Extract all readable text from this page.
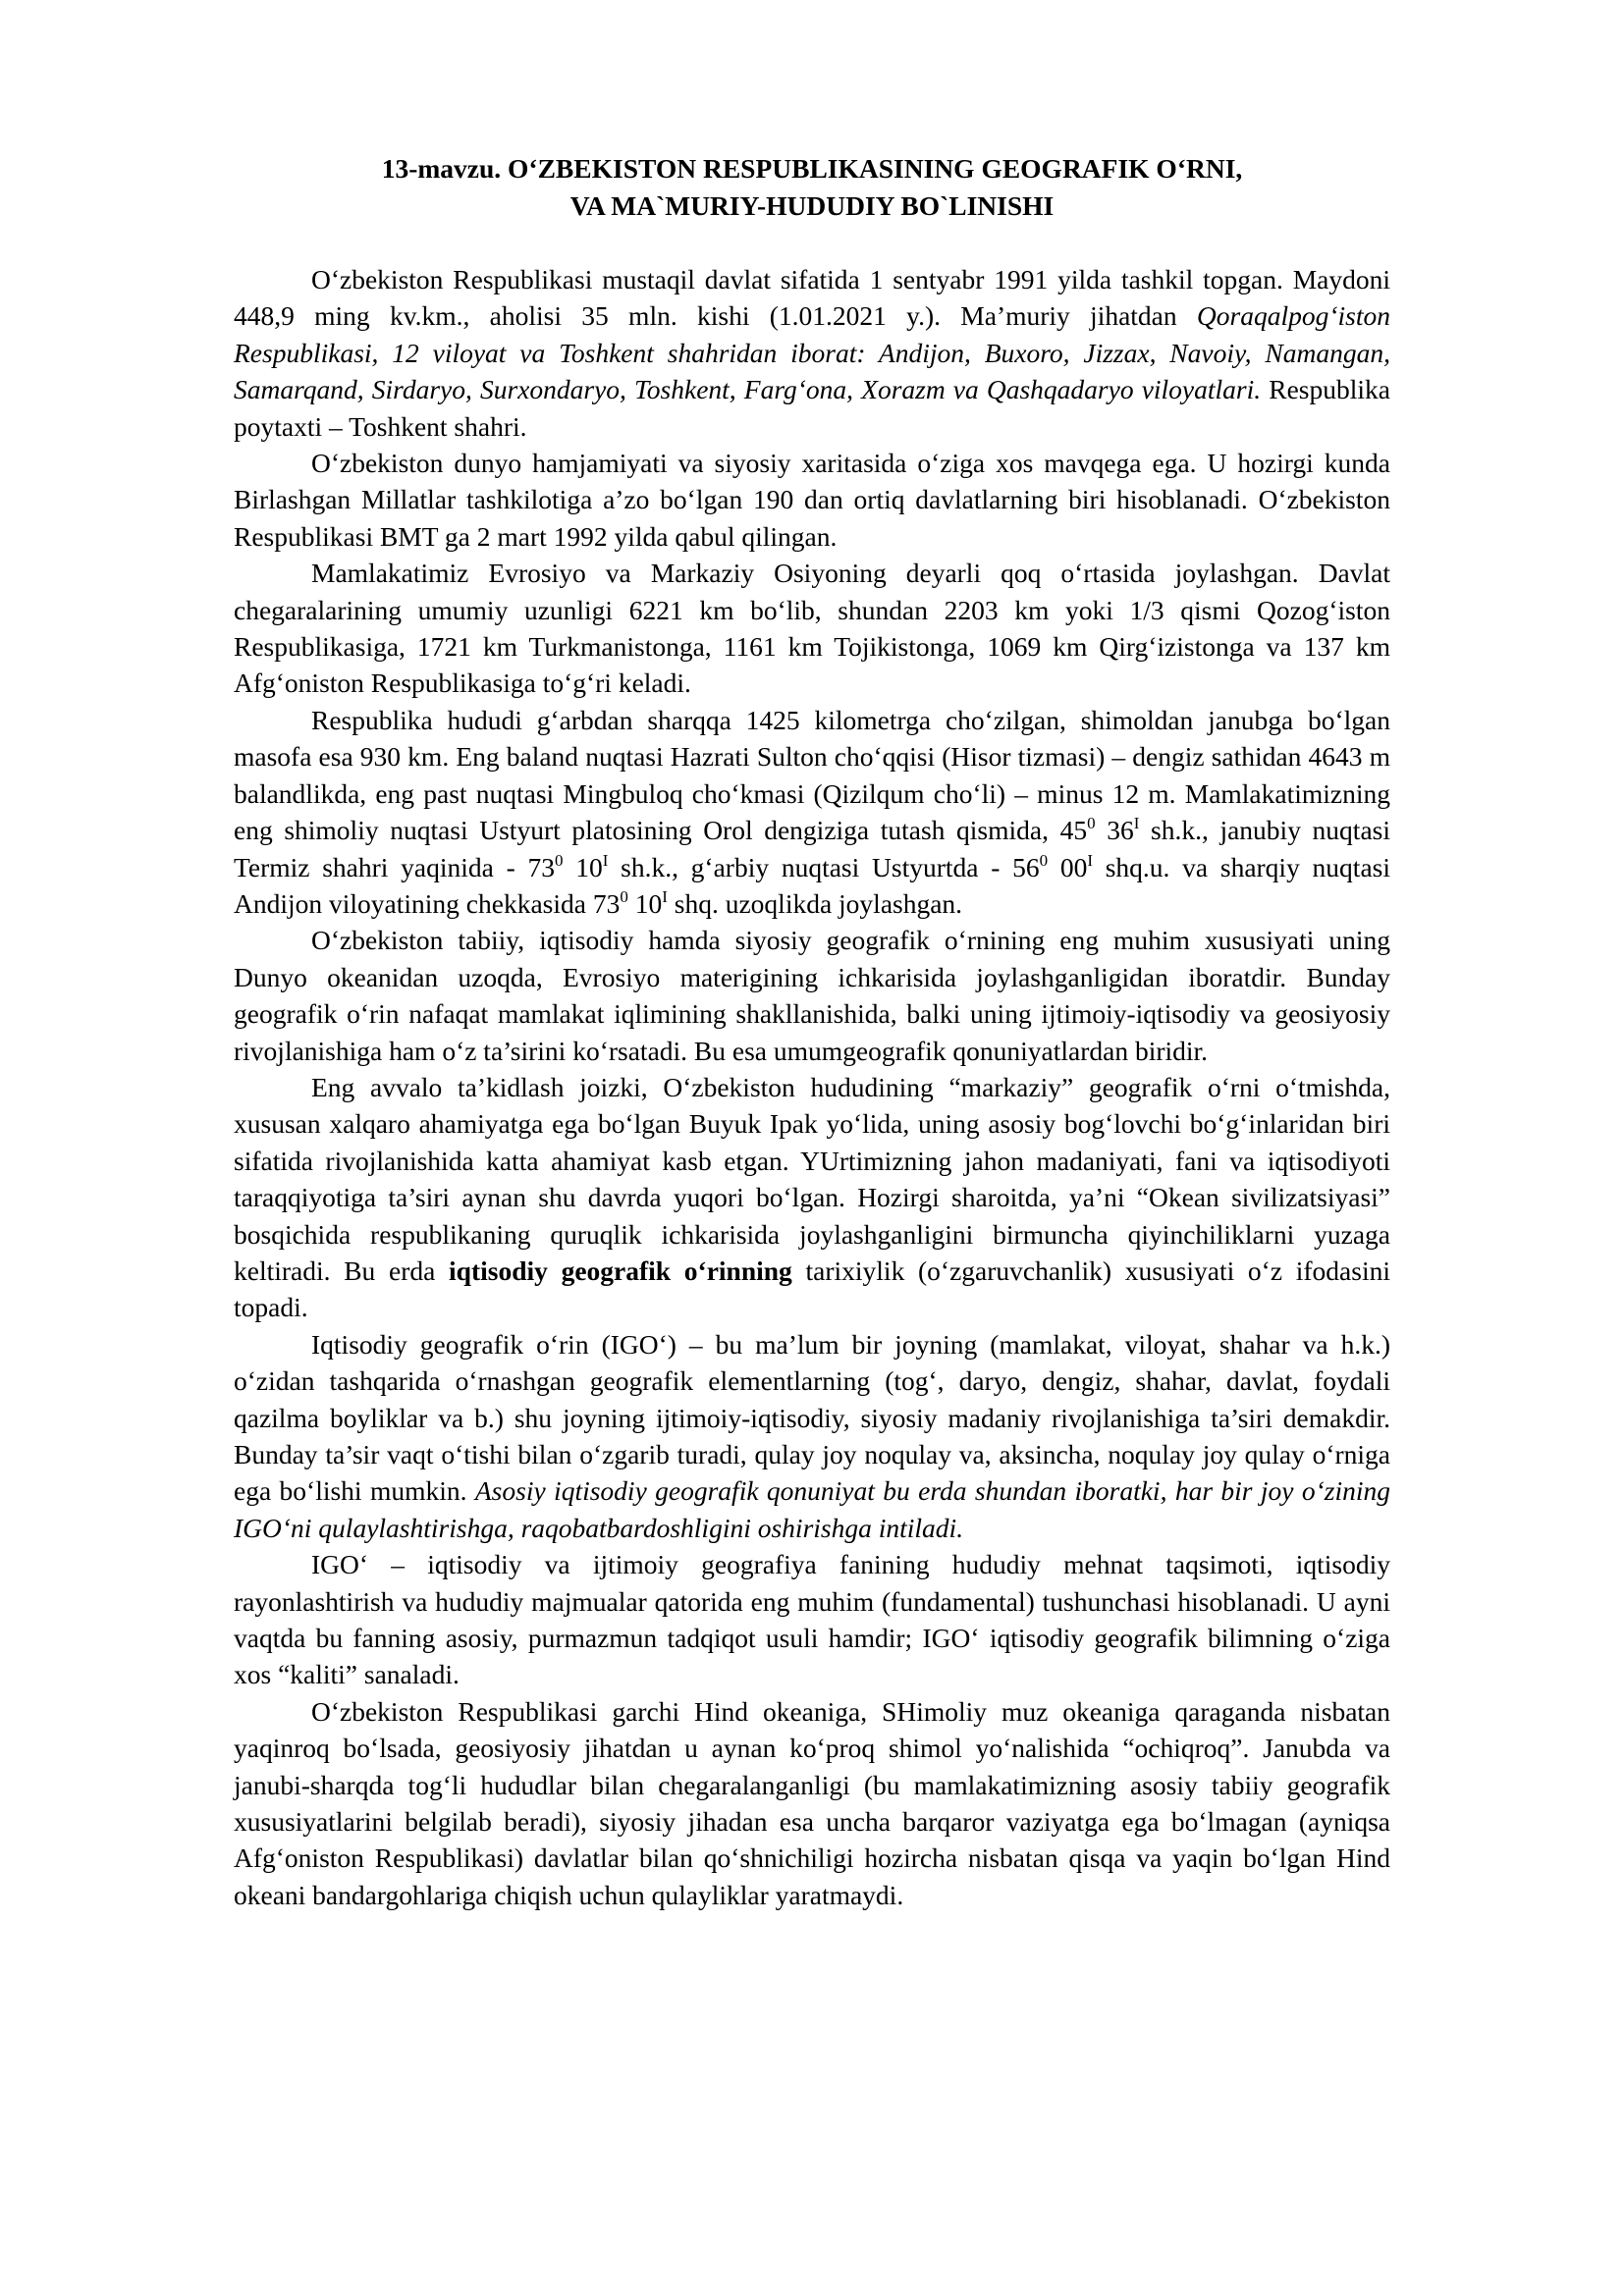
13-mavzu. O‘ZBEKISTON RESPUBLIKASINING GEOGRAFIK O‘RNI,
VA MA`MURIY-HUDUDIY BO`LINISHI

O‘zbekiston Respublikasi mustaqil davlat sifatida 1 sentyabr 1991 yilda tashkil topgan. Maydoni 448,9 ming kv.km., aholisi 35 mln. kishi (1.01.2021 y.). Ma’muriy jihatdan Qoraqalpog‘iston Respublikasi, 12 viloyat va Toshkent shahridan iborat: Andijon, Buxoro, Jizzax, Navoiy, Namangan, Samarqand, Sirdaryo, Surxondaryo, Toshkent, Farg‘ona, Xorazm va Qashqadaryo viloyatlari. Respublika poytaxti – Toshkent shahri.

O‘zbekiston dunyo hamjamiyati va siyosiy xaritasida o‘ziga xos mavqega ega. U hozirgi kunda Birlashgan Millatlar tashkilotiga a’zo bo‘lgan 190 dan ortiq davlatlarning biri hisoblanadi. O‘zbekiston Respublikasi BMT ga 2 mart 1992 yilda qabul qilingan.

Mamlakatimiz Evrosiyo va Markaziy Osiyoning deyarli qoq o‘rtasida joylashgan. Davlat chegaralarining umumiy uzunligi 6221 km bo‘lib, shundan 2203 km yoki 1/3 qismi Qozog‘iston Respublikasiga, 1721 km Turkmanistonga, 1161 km Tojikistonga, 1069 km Qirg‘izistonga va 137 km Afg‘oniston Respublikasiga to‘g‘ri keladi.

Respublika hududi g‘arbdan sharqqa 1425 kilometrga cho‘zilgan, shimoldan janubga bo‘lgan masofa esa 930 km. Eng baland nuqtasi Hazrati Sulton cho‘qqisi (Hisor tizmasi) – dengiz sathidan 4643 m balandlikda, eng past nuqtasi Mingbuloq cho‘kmasi (Qizilqum cho‘li) – minus 12 m. Mamlakatimizning eng shimoliy nuqtasi Ustyurt platosining Orol dengiziga tutash qismida, $45^0$ $36^I$ sh.k., janubiy nuqtasi Termiz shahri yaqinida - $73^0$ $10^I$ sh.k., g‘arbiy nuqtasi Ustyurtda - $56^0$ $00^I$ shq.u. va sharqiy nuqtasi Andijon viloyatining chekkasida $73^0$ $10^I$ shq. uzoqlikda joylashgan.

O‘zbekiston tabiiy, iqtisodiy hamda siyosiy geografik o‘rnining eng muhim xususiyati uning Dunyo okeanidan uzoqda, Evrosiyo materigining ichkarisida joylashganligidan iboratdir. Bunday geografik o‘rin nafaqat mamlakat iqlimining shakllanishida, balki uning ijtimoiy-iqtisodiy va geosiyosiy rivojlanishiga ham o‘z ta’sirini ko‘rsatadi. Bu esa umumgeografik qonuniyatlardan biridir.

Eng avvalo ta’kidlash joizki, O‘zbekiston hududining “markaziy” geografik o‘rni o‘tmishda, xususan xalqaro ahamiyatga ega bo‘lgan Buyuk Ipak yo‘lida, uning asosiy bog‘lovchi bo‘g‘inlaridan biri sifatida rivojlanishida katta ahamiyat kasb etgan. YUrtimizning jahon madaniyati, fani va iqtisodiyoti taraqqiyotiga ta’siri aynan shu davrda yuqori bo‘lgan. Hozirgi sharoitda, ya’ni “Okean sivilizatsiyasi” bosqichida respublikaning quruqlik ichkarisida joylashganligini birmuncha qiyinchiliklarni yuzaga keltiradi. Bu erda iqtisodiy geografik o‘rinning tarixiylik (o‘zgaruvchanlik) xususiyati o‘z ifodasini topadi.

Iqtisodiy geografik o‘rin (IGO‘) – bu ma’lum bir joyning (mamlakat, viloyat, shahar va h.k.) o‘zidan tashqarida o‘rnashgan geografik elementlarning (tog‘, daryo, dengiz, shahar, davlat, foydali qazilma boyliklar va b.) shu joyning ijtimoiy-iqtisodiy, siyosiy madaniy rivojlanishiga ta’siri demakdir. Bunday ta’sir vaqt o‘tishi bilan o‘zgarib turadi, qulay joy noqulay va, aksincha, noqulay joy qulay o‘rniga ega bo‘lishi mumkin. Asosiy iqtisodiy geografik qonuniyat bu erda shundan iboratki, har bir joy o‘zining IGO‘ni qulaylashtirishga, raqobatbardoshligini oshirishga intiladi.

IGO‘ – iqtisodiy va ijtimoiy geografiya fanining hududiy mehnat taqsimoti, iqtisodiy rayonlashtirish va hududiy majmualar qatorida eng muhim (fundamental) tushunchasi hisoblanadi. U ayni vaqtda bu fanning asosiy, purmazmun tadqiqot usuli hamdir; IGO‘ iqtisodiy geografik bilimning o‘ziga xos “kaliti” sanaladi.

O‘zbekiston Respublikasi garchi Hind okeaniga, SHimoliy muz okeaniga qaraganda nisbatan yaqinroq bo‘lsada, geosiyosiy jihatdan u aynan ko‘proq shimol yo‘nalishida “ochiqroq”. Janubda va janubi-sharqda tog‘li hududlar bilan chegaralanganligi (bu mamlakatimizning asosiy tabiiy geografik xususiyatlarini belgilab beradi), siyosiy jihadan esa uncha barqaror vaziyatga ega bo‘lmagan (ayniqsa Afg‘oniston Respublikasi) davlatlar bilan qo‘shnichiligi hozircha nisbatan qisqa va yaqin bo‘lgan Hind okeani bandargohlariga chiqish uchun qulayliklar yaratmaydi.
